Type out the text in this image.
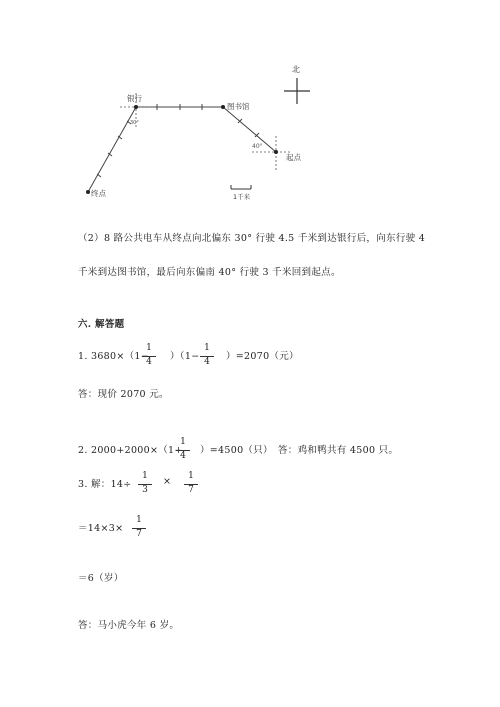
北
银行
30°
图书馆
40°
起点
终点	1千米
（2）8 路公共电车从终点向北偏东 30° 行驶 4.5 千米到达银行后，向东行驶 4
千米到达图书馆，最后向东偏南 40° 行驶 3 千米回到起点。
六. 解答题
1. 3680×（1−
1
4	）（1−
1
4	）=2070（元）
答：现价 2070 元。
2. 2000+2000×（1+
1
4	）=4500（只） 答：鸡和鸭共有 4500 只。
3. 解：14÷
1
3
×	1
7
＝14×3×
1
7
＝6（岁）
答：马小虎今年 6 岁。
